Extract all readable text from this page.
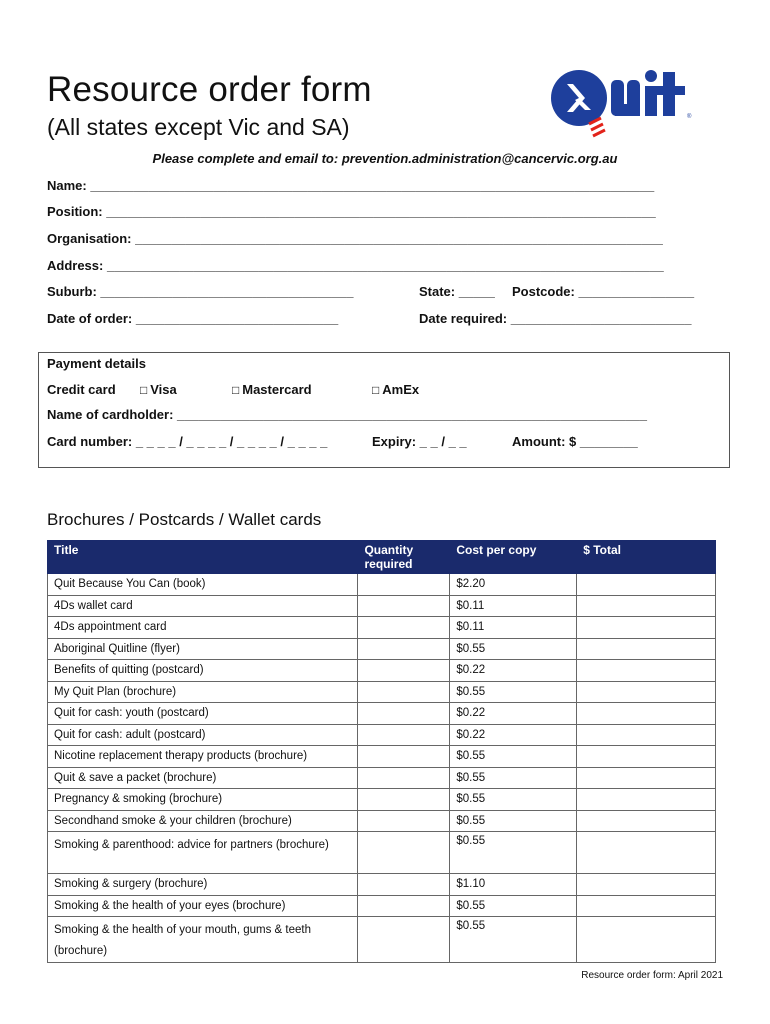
Resource order form
(All states except Vic and SA)	®
Please complete and email to: prevention.administration@cancervic.org.au
Name: ______________________________________________________________________________
Position: ____________________________________________________________________________
Organisation: _________________________________________________________________________
Address: _____________________________________________________________________________
Suburb: ___________________________________	State: _____ Postcode: ________________
Date of order: ____________________________	Date required: _________________________
Payment details
Credit card □ Visa	□ Mastercard	□ AmEx
Name of cardholder: _________________________________________________________________
Card number: _ _ _ _ / _ _ _ _ / _ _ _ _ / _ _ _ _	Expiry: _ _ / _ _	Amount: $ ________
Brochures / Postcards / Wallet cards
Title	Quantity required	Cost per copy	$ Total
Quit Because You Can (book)		$2.20	
4Ds wallet card		$0.11	
4Ds appointment card		$0.11	
Aboriginal Quitline (flyer)		$0.55	
Benefits of quitting (postcard)		$0.22	
My Quit Plan (brochure)		$0.55	
Quit for cash: youth (postcard)		$0.22	
Quit for cash: adult (postcard)		$0.22	
Nicotine replacement therapy products (brochure)		$0.55	
Quit & save a packet (brochure)		$0.55	
Pregnancy & smoking (brochure)		$0.55	
Secondhand smoke & your children (brochure)		$0.55	
Smoking & parenthood: advice for partners (brochure)		$0.55	
Smoking & surgery (brochure)		$1.10	
Smoking & the health of your eyes (brochure)		$0.55	
Smoking & the health of your mouth, gums & teeth (brochure)		$0.55	
Resource order form: April 2021
